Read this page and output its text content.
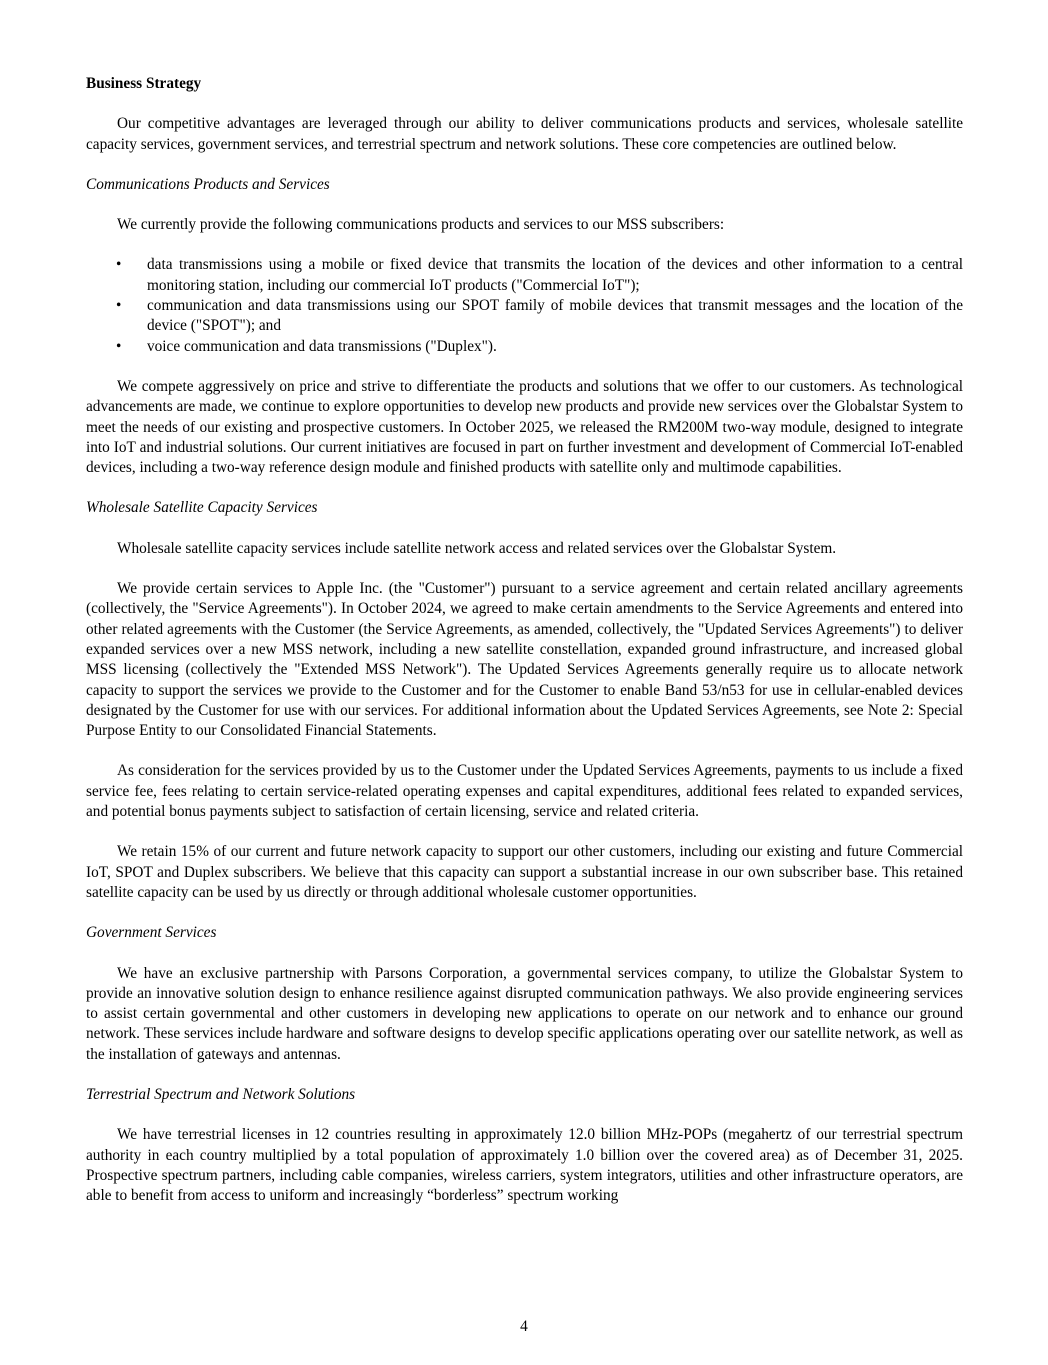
Business Strategy

Our competitive advantages are leveraged through our ability to deliver communications products and services, wholesale satellite capacity services, government services, and terrestrial spectrum and network solutions. These core competencies are outlined below.

Communications Products and Services

We currently provide the following communications products and services to our MSS subscribers:

• data transmissions using a mobile or fixed device that transmits the location of the devices and other information to a central monitoring station, including our commercial IoT products ("Commercial IoT");
• communication and data transmissions using our SPOT family of mobile devices that transmit messages and the location of the device ("SPOT"); and
• voice communication and data transmissions ("Duplex").

We compete aggressively on price and strive to differentiate the products and solutions that we offer to our customers. As technological advancements are made, we continue to explore opportunities to develop new products and provide new services over the Globalstar System to meet the needs of our existing and prospective customers. In October 2025, we released the RM200M two-way module, designed to integrate into IoT and industrial solutions. Our current initiatives are focused in part on further investment and development of Commercial IoT-enabled devices, including a two-way reference design module and finished products with satellite only and multimode capabilities.

Wholesale Satellite Capacity Services

Wholesale satellite capacity services include satellite network access and related services over the Globalstar System.

We provide certain services to Apple Inc. (the "Customer") pursuant to a service agreement and certain related ancillary agreements (collectively, the "Service Agreements"). In October 2024, we agreed to make certain amendments to the Service Agreements and entered into other related agreements with the Customer (the Service Agreements, as amended, collectively, the "Updated Services Agreements") to deliver expanded services over a new MSS network, including a new satellite constellation, expanded ground infrastructure, and increased global MSS licensing (collectively the "Extended MSS Network"). The Updated Services Agreements generally require us to allocate network capacity to support the services we provide to the Customer and for the Customer to enable Band 53/n53 for use in cellular-enabled devices designated by the Customer for use with our services. For additional information about the Updated Services Agreements, see Note 2: Special Purpose Entity to our Consolidated Financial Statements.

As consideration for the services provided by us to the Customer under the Updated Services Agreements, payments to us include a fixed service fee, fees relating to certain service-related operating expenses and capital expenditures, additional fees related to expanded services, and potential bonus payments subject to satisfaction of certain licensing, service and related criteria.

We retain 15% of our current and future network capacity to support our other customers, including our existing and future Commercial IoT, SPOT and Duplex subscribers. We believe that this capacity can support a substantial increase in our own subscriber base. This retained satellite capacity can be used by us directly or through additional wholesale customer opportunities.

Government Services

We have an exclusive partnership with Parsons Corporation, a governmental services company, to utilize the Globalstar System to provide an innovative solution design to enhance resilience against disrupted communication pathways. We also provide engineering services to assist certain governmental and other customers in developing new applications to operate on our network and to enhance our ground network. These services include hardware and software designs to develop specific applications operating over our satellite network, as well as the installation of gateways and antennas.

Terrestrial Spectrum and Network Solutions

We have terrestrial licenses in 12 countries resulting in approximately 12.0 billion MHz-POPs (megahertz of our terrestrial spectrum authority in each country multiplied by a total population of approximately 1.0 billion over the covered area) as of December 31, 2025. Prospective spectrum partners, including cable companies, wireless carriers, system integrators, utilities and other infrastructure operators, are able to benefit from access to uniform and increasingly “borderless” spectrum working

4
